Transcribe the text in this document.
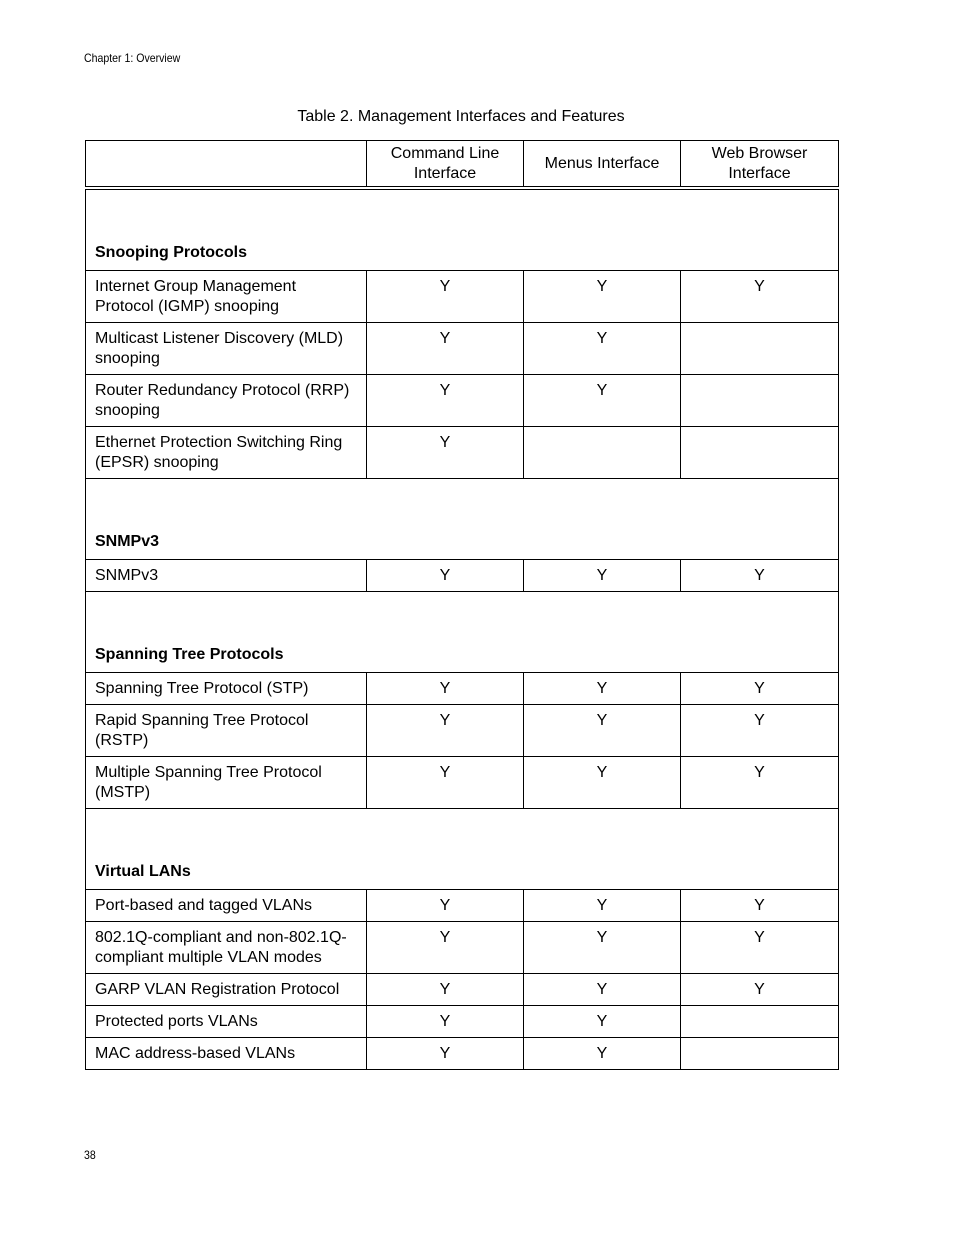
Chapter 1: Overview
Table 2. Management Interfaces and Features
	Command Line Interface	Menus Interface	Web Browser Interface
Snooping Protocols			
Internet Group Management Protocol (IGMP) snooping	Y	Y	Y
Multicast Listener Discovery (MLD) snooping	Y	Y	
Router Redundancy Protocol (RRP) snooping	Y	Y	
Ethernet Protection Switching Ring (EPSR) snooping	Y		
SNMPv3			
SNMPv3	Y	Y	Y
Spanning Tree Protocols			
Spanning Tree Protocol (STP)	Y	Y	Y
Rapid Spanning Tree Protocol (RSTP)	Y	Y	Y
Multiple Spanning Tree Protocol (MSTP)	Y	Y	Y
Virtual LANs			
Port-based and tagged VLANs	Y	Y	Y
802.1Q-compliant and non-802.1Q-compliant multiple VLAN modes	Y	Y	Y
GARP VLAN Registration Protocol	Y	Y	Y
Protected ports VLANs	Y	Y	
MAC address-based VLANs	Y	Y	
38
